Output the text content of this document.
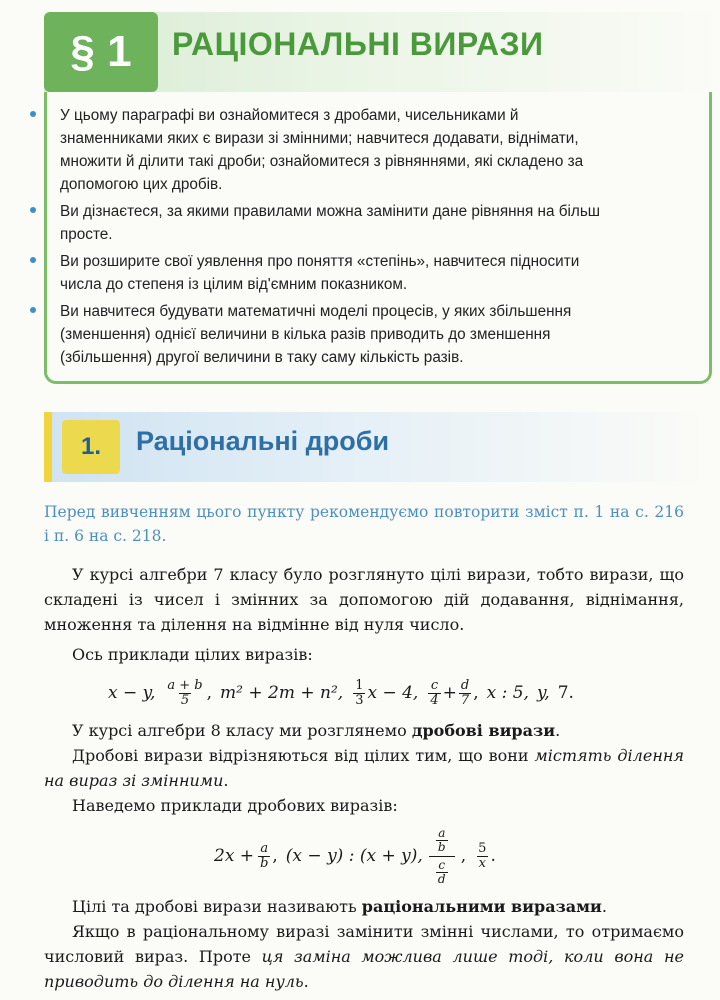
§ 1	РАЦІОНАЛЬНІ ВИРАЗИ
У цьому параграфі ви ознайомитеся з дробами, чисельниками й знаменниками яких є вирази зі змінними; навчитеся додавати, віднімати, множити й ділити такі дроби; ознайомитеся з рівняннями, які складено за допомогою цих дробів.
Ви дізнаєтеся, за якими правилами можна замінити дане рівняння на більш просте.
Ви розширите свої уявлення про поняття «степінь», навчитеся підносити числа до степеня із цілим від'ємним показником.
Ви навчитеся будувати математичні моделі процесів, у яких збільшення (зменшення) однієї величини в кілька разів приводить до зменшення (збільшення) другої величини в таку саму кількість разів.
1.	Раціональні дроби
Перед вивченням цього пункту рекомендуємо повторити зміст п. 1 на с. 216 і п. 6 на с. 218.
У курсі алгебри 7 класу було розглянуто цілі вирази, тобто вирази, що складені із чисел і змінних за допомогою дій додавання, віднімання, множення та ділення на відмінне від нуля число.
Ось приклади цілих виразів:
x − y, $\frac{a + b}{5}$ , m² + 2m + n², $\frac{1}{3}$ x − 4, $\frac{c}{4} + \frac{d}{7}$ , x : 5, y, 7.
У курсі алгебри 8 класу ми розглянемо дробові вирази.
Дробові вирази відрізняються від цілих тим, що вони містять ділення на вираз зі змінними.
Наведемо приклади дробових виразів:
$2x + \frac{a}{b}$ , (x − y) : (x + y),
a
b
c
d
, $\frac{5}{x}$ .
Цілі та дробові вирази називають раціональними виразами.
Якщо в раціональному виразі замінити змінні числами, то отримаємо числовий вираз. Проте ця заміна можлива лише тоді, коли вона не приводить до ділення на нуль.
